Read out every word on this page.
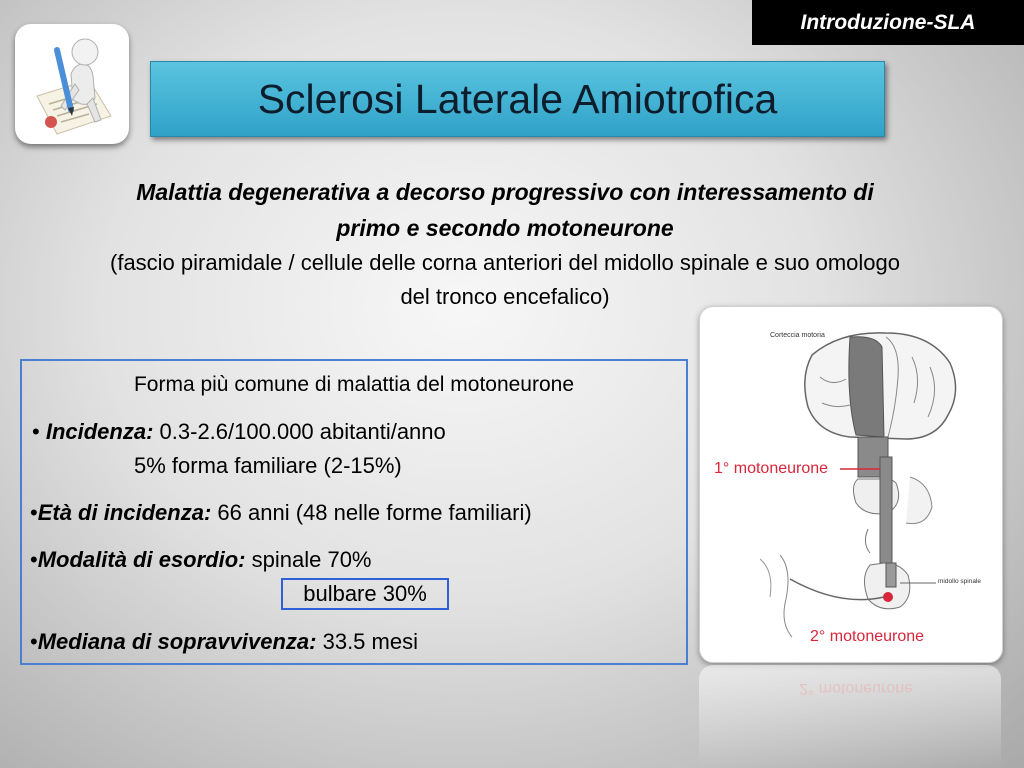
Introduzione-SLA
Sclerosi Laterale Amiotrofica
Malattia degenerativa a decorso progressivo con interessamento di
primo e secondo motoneurone
(fascio piramidale / cellule delle corna anteriori del midollo spinale e suo omologo
del tronco encefalico)
Forma più comune di malattia del motoneurone
• Incidenza: 0.3-2.6/100.000 abitanti/anno
5% forma familiare (2-15%)
•Età di incidenza: 66 anni (48 nelle forme familiari)
•Modalità di esordio: spinale 70%
bulbare 30%
•Mediana di sopravvivenza: 33.5 mesi
Corteccia motoria
1° motoneurone
midollo spinale
2° motoneurone
2° motoneurone
